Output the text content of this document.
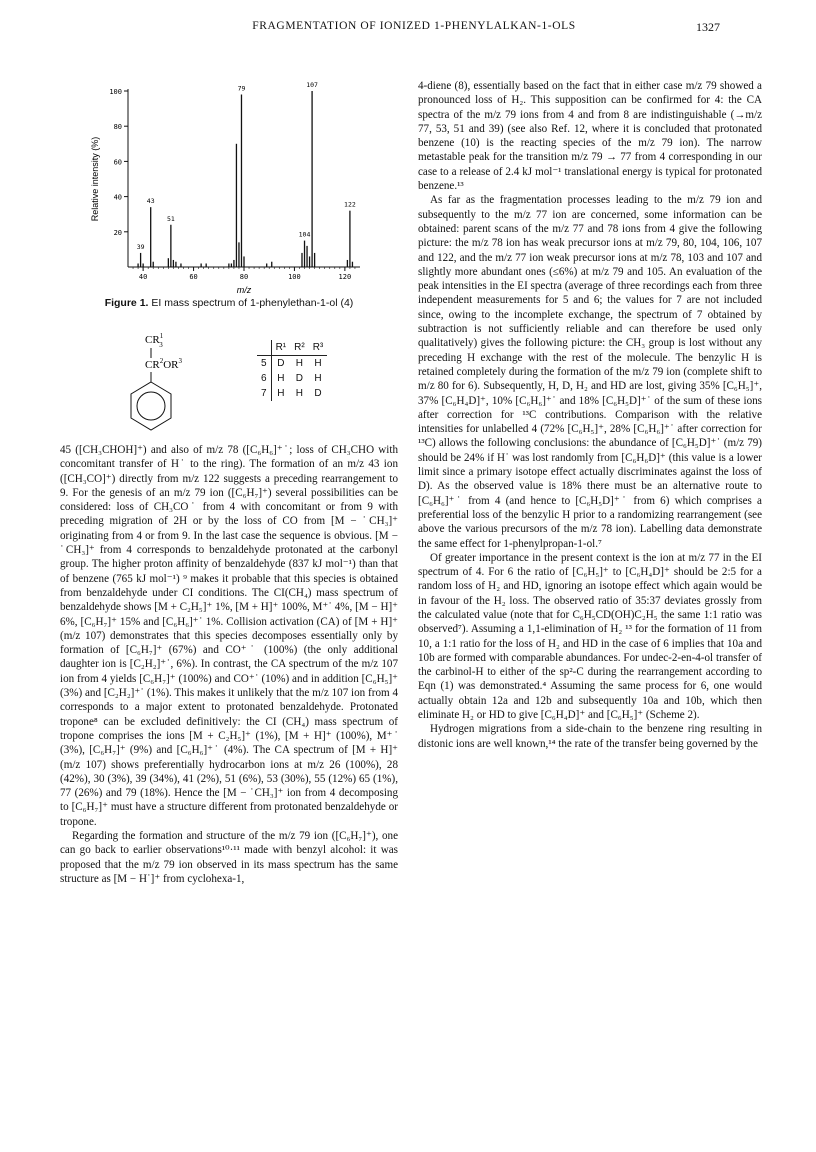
FRAGMENTATION OF IONIZED 1-PHENYLALKAN-1-OLS	1327
20
40
60
80
100
40	60	80	100	120
39
43
51
79
104
107
122
Relative intensity (%)
m/z
Figure 1. EI mass spectrum of 1-phenylethan-1-ol (4)
$CR^1$ 3
$CR^2OR^3$
	R¹	R²	R³
5	D	H	H
6	H	D	H
7	H	H	D

45 ([CH₃CHOH]⁺) and also of m/z 78 ([C₆H₆]⁺˙; loss of CH₃CHO with concomitant transfer of H˙ to the ring). The formation of an m/z 43 ion ([CH₃CO]⁺) directly from m/z 122 suggests a preceding rearrangement to 9. For the genesis of an m/z 79 ion ([C₆H₇]⁺) several possibilities can be considered: loss of CH₃CO˙ from 4 with concomitant or from 9 with preceding migration of 2H or by the loss of CO from [M − ˙CH₃]⁺ originating from 4 or from 9. In the last case the sequence is obvious. [M − ˙CH₃]⁺ from 4 corresponds to benzaldehyde protonated at the carbonyl group. The higher proton affinity of benzaldehyde (837 kJ mol⁻¹) than that of benzene (765 kJ mol⁻¹) ⁹ makes it probable that this species is obtained from benzaldehyde under CI conditions. The CI(CH₄) mass spectrum of benzaldehyde shows [M + C₂H₅]⁺ 1%, [M + H]⁺ 100%, M⁺˙ 4%, [M − H]⁺ 6%, [C₆H₇]⁺ 15% and [C₆H₆]⁺˙ 1%. Collision activation (CA) of [M + H]⁺ (m/z 107) demonstrates that this species decomposes essentially only by formation of [C₆H₇]⁺ (67%) and CO⁺˙ (100%) (the only additional daughter ion is [C₂H₂]⁺˙, 6%). In contrast, the CA spectrum of the m/z 107 ion from 4 yields [C₆H₇]⁺ (100%) and CO⁺˙ (10%) and in addition [C₆H₅]⁺ (3%) and [C₂H₂]⁺˙ (1%). This makes it unlikely that the m/z 107 ion from 4 corresponds to a major extent to protonated benzaldehyde. Protonated tropone⁸ can be excluded definitively: the CI (CH₄) mass spectrum of tropone comprises the ions [M + C₂H₅]⁺ (1%), [M + H]⁺ (100%), M⁺˙ (3%), [C₆H₇]⁺ (9%) and [C₆H₆]⁺˙ (4%). The CA spectrum of [M + H]⁺ (m/z 107) shows preferentially hydrocarbon ions at m/z 26 (100%), 28 (42%), 30 (3%), 39 (34%), 41 (2%), 51 (6%), 53 (30%), 55 (12%) 65 (1%), 77 (26%) and 79 (18%). Hence the [M − ˙CH₃]⁺ ion from 4 decomposing to [C₆H₇]⁺ must have a structure different from protonated benzaldehyde or tropone.

Regarding the formation and structure of the m/z 79 ion ([C₆H₇]⁺), one can go back to earlier observations¹⁰·¹¹ made with benzyl alcohol: it was proposed that the m/z 79 ion observed in its mass spectrum has the same structure as [M − H˙]⁺ from cyclohexa-1,

4-diene (8), essentially based on the fact that in either case m/z 79 showed a pronounced loss of H₂. This supposition can be confirmed for 4: the CA spectra of the m/z 79 ions from 4 and from 8 are indistinguishable (→m/z 77, 53, 51 and 39) (see also Ref. 12, where it is concluded that protonated benzene (10) is the reacting species of the m/z 79 ion). The narrow metastable peak for the transition m/z 79 → 77 from 4 corresponding in our case to a release of 2.4 kJ mol⁻¹ translational energy is typical for protonated benzene.¹³

As far as the fragmentation processes leading to the m/z 79 ion and subsequently to the m/z 77 ion are concerned, some information can be obtained: parent scans of the m/z 77 and 78 ions from 4 give the following picture: the m/z 78 ion has weak precursor ions at m/z 79, 80, 104, 106, 107 and 122, and the m/z 77 ion weak precursor ions at m/z 78, 103 and 107 and slightly more abundant ones (≤6%) at m/z 79 and 105. An evaluation of the peak intensities in the EI spectra (average of three recordings each from three independent measurements for 5 and 6; the values for 7 are not included since, owing to the incomplete exchange, the spectrum of 7 obtained by subtraction is not sufficiently reliable and can therefore be used only qualitatively) gives the following picture: the CH₃ group is lost without any preceding H exchange with the rest of the molecule. The benzylic H is retained completely during the formation of the m/z 79 ion (complete shift to m/z 80 for 6). Subsequently, H, D, H₂ and HD are lost, giving 35% [C₆H₅]⁺, 37% [C₆H₄D]⁺, 10% [C₆H₆]⁺˙ and 18% [C₆H₅D]⁺˙ of the sum of these ions after correction for ¹³C contributions. Comparison with the relative intensities for unlabelled 4 (72% [C₆H₅]⁺, 28% [C₆H₆]⁺˙ after correction for ¹³C) allows the following conclusions: the abundance of [C₆H₅D]⁺˙ (m/z 79) should be 24% if H˙ was lost randomly from [C₆H₆D]⁺ (this value is a lower limit since a primary isotope effect actually discriminates against the loss of D). As the observed value is 18% there must be an alternative route to [C₆H₆]⁺˙ from 4 (and hence to [C₆H₅D]⁺˙ from 6) which comprises a preferential loss of the benzylic H prior to a randomizing rearrangement (see above the various precursors of the m/z 78 ion). Labelling data demonstrate the same effect for 1-phenylpropan-1-ol.⁷

Of greater importance in the present context is the ion at m/z 77 in the EI spectrum of 4. For 6 the ratio of [C₆H₅]⁺ to [C₆H₄D]⁺ should be 2:5 for a random loss of H₂ and HD, ignoring an isotope effect which again would be in favour of the H₂ loss. The observed ratio of 35:37 deviates grossly from the calculated value (note that for C₆H₅CD(OH)C₂H₅ the same 1:1 ratio was observed⁷). Assuming a 1,1-elimination of H₂ ¹³ for the formation of 11 from 10, a 1:1 ratio for the loss of H₂ and HD in the case of 6 implies that 10a and 10b are formed with comparable abundances. For undec-2-en-4-ol transfer of the carbinol-H to either of the sp²-C during the rearrangement according to Eqn (1) was demonstrated.⁴ Assuming the same process for 6, one would actually obtain 12a and 12b and subsequently 10a and 10b, which then eliminate H₂ or HD to give [C₆H₄D]⁺ and [C₆H₅]⁺ (Scheme 2).

Hydrogen migrations from a side-chain to the benzene ring resulting in distonic ions are well known,¹⁴ the rate of the transfer being governed by the
